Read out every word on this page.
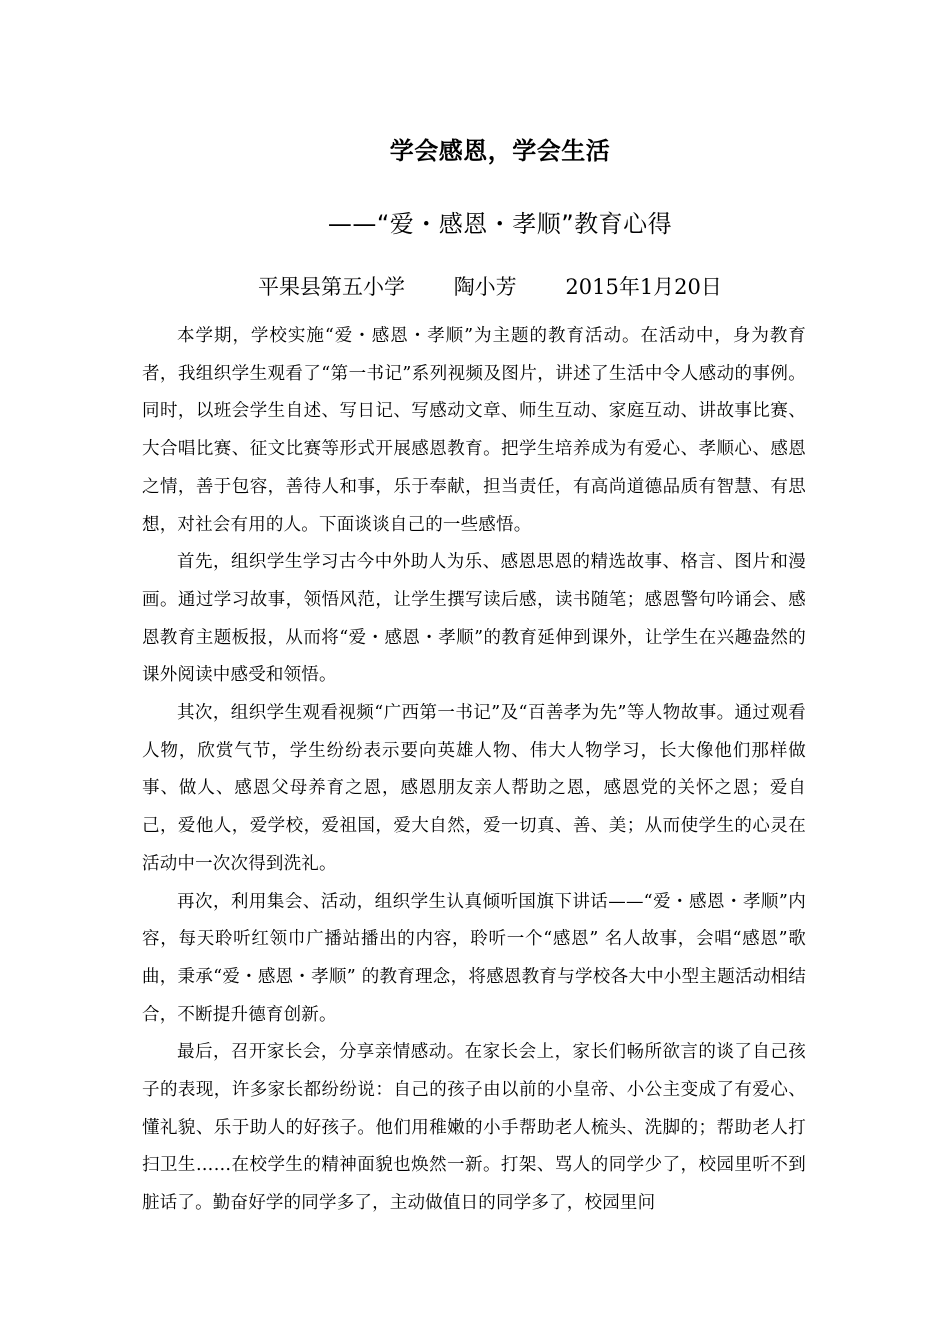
学会感恩，学会生活
——“爱・感恩・孝顺”教育心得
平果县第五小学 陶小芳 2015年1月20日

本学期，学校实施“爱・感恩・孝顺”为主题的教育活动。在活动中，身为教育者，我组织学生观看了“第一书记”系列视频及图片，讲述了生活中令人感动的事例。同时，以班会学生自述、写日记、写感动文章、师生互动、家庭互动、讲故事比赛、大合唱比赛、征文比赛等形式开展感恩教育。把学生培养成为有爱心、孝顺心、感恩之情，善于包容，善待人和事，乐于奉献，担当责任，有高尚道德品质有智慧、有思想，对社会有用的人。下面谈谈自己的一些感悟。

首先，组织学生学习古今中外助人为乐、感恩思恩的精选故事、格言、图片和漫画。通过学习故事，领悟风范，让学生撰写读后感，读书随笔；感恩警句吟诵会、感恩教育主题板报，从而将“爱・感恩・孝顺”的教育延伸到课外，让学生在兴趣盎然的课外阅读中感受和领悟。

其次，组织学生观看视频“广西第一书记”及“百善孝为先”等人物故事。通过观看人物，欣赏气节，学生纷纷表示要向英雄人物、伟大人物学习，长大像他们那样做事、做人、感恩父母养育之恩，感恩朋友亲人帮助之恩，感恩党的关怀之恩；爱自己，爱他人，爱学校，爱祖国，爱大自然，爱一切真、善、美；从而使学生的心灵在活动中一次次得到洗礼。

再次，利用集会、活动，组织学生认真倾听国旗下讲话——“爱・感恩・孝顺”内容，每天聆听红领巾广播站播出的内容，聆听一个“感恩” 名人故事，会唱“感恩”歌曲，秉承“爱・感恩・孝顺” 的教育理念，将感恩教育与学校各大中小型主题活动相结合，不断提升德育创新。

最后，召开家长会，分享亲情感动。在家长会上，家长们畅所欲言的谈了自己孩子的表现，许多家长都纷纷说：自己的孩子由以前的小皇帝、小公主变成了有爱心、懂礼貌、乐于助人的好孩子。他们用稚嫩的小手帮助老人梳头、洗脚的；帮助老人打扫卫生……在校学生的精神面貌也焕然一新。打架、骂人的同学少了，校园里听不到脏话了。勤奋好学的同学多了，主动做值日的同学多了，校园里问
